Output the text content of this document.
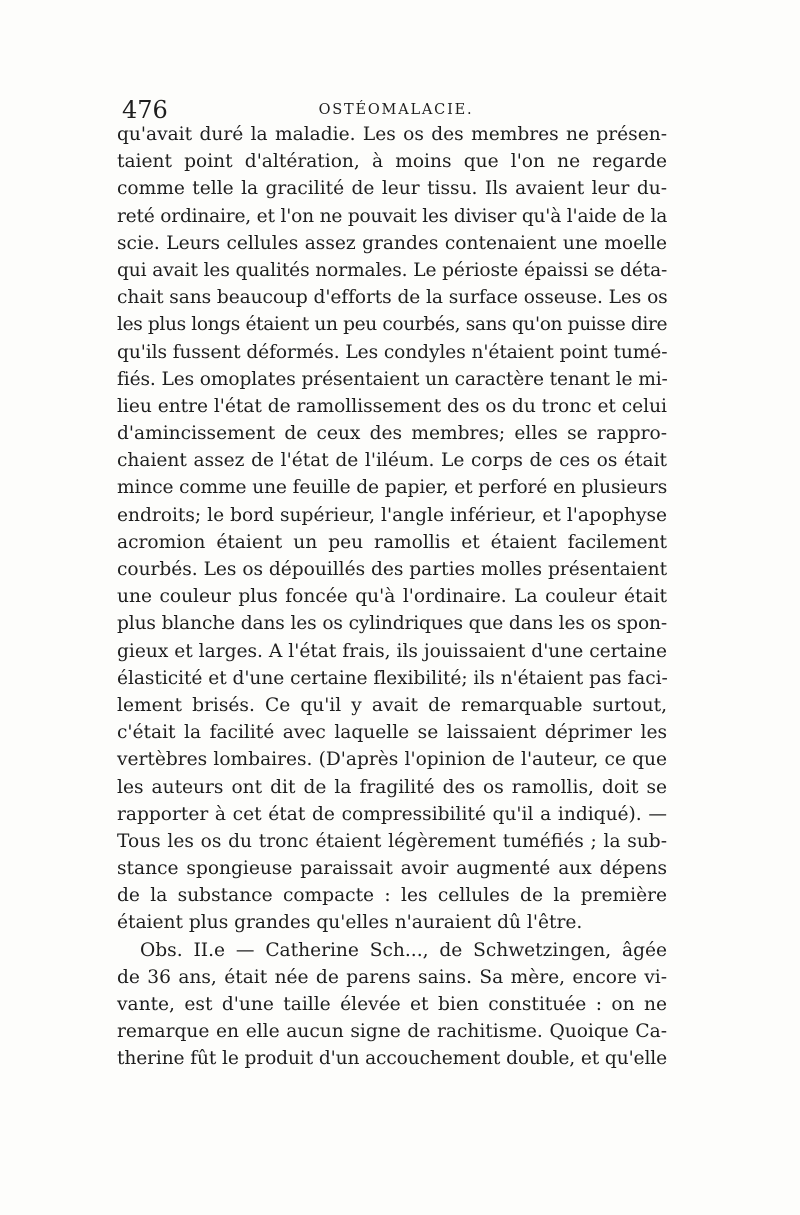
476	OSTÉOMALACIE.
qu'avait duré la maladie. Les os des membres ne présen-
taient point d'altération, à moins que l'on ne regarde
comme telle la gracilité de leur tissu. Ils avaient leur du-
reté ordinaire, et l'on ne pouvait les diviser qu'à l'aide de la
scie. Leurs cellules assez grandes contenaient une moelle
qui avait les qualités normales. Le périoste épaissi se déta-
chait sans beaucoup d'efforts de la surface osseuse. Les os
les plus longs étaient un peu courbés, sans qu'on puisse dire
qu'ils fussent déformés. Les condyles n'étaient point tumé-
fiés. Les omoplates présentaient un caractère tenant le mi-
lieu entre l'état de ramollissement des os du tronc et celui
d'amincissement de ceux des membres; elles se rappro-
chaient assez de l'état de l'iléum. Le corps de ces os était
mince comme une feuille de papier, et perforé en plusieurs
endroits; le bord supérieur, l'angle inférieur, et l'apophyse
acromion étaient un peu ramollis et étaient facilement
courbés. Les os dépouillés des parties molles présentaient
une couleur plus foncée qu'à l'ordinaire. La couleur était
plus blanche dans les os cylindriques que dans les os spon-
gieux et larges. A l'état frais, ils jouissaient d'une certaine
élasticité et d'une certaine flexibilité; ils n'étaient pas faci-
lement brisés. Ce qu'il y avait de remarquable surtout,
c'était la facilité avec laquelle se laissaient déprimer les
vertèbres lombaires. (D'après l'opinion de l'auteur, ce que
les auteurs ont dit de la fragilité des os ramollis, doit se
rapporter à cet état de compressibilité qu'il a indiqué). —
Tous les os du tronc étaient légèrement tuméfiés ; la sub-
stance spongieuse paraissait avoir augmenté aux dépens
de la substance compacte : les cellules de la première
étaient plus grandes qu'elles n'auraient dû l'être.
Obs. II.e — Catherine Sch..., de Schwetzingen, âgée
de 36 ans, était née de parens sains. Sa mère, encore vi-
vante, est d'une taille élevée et bien constituée : on ne
remarque en elle aucun signe de rachitisme. Quoique Ca-
therine fût le produit d'un accouchement double, et qu'elle
